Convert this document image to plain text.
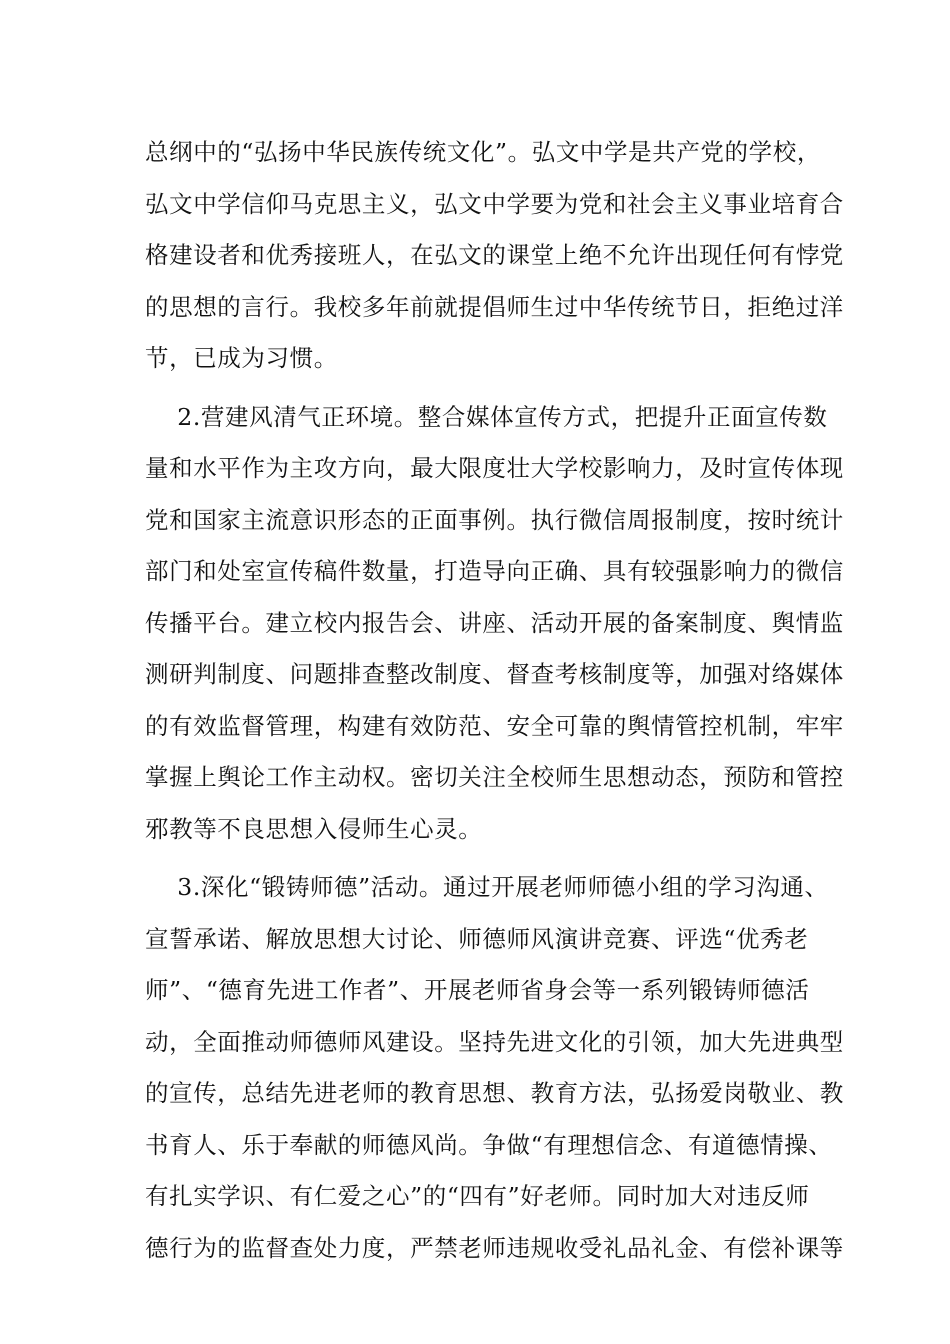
总纲中的“弘扬中华民族传统文化”。弘文中学是共产党的学校，
弘文中学信仰马克思主义，弘文中学要为党和社会主义事业培育合
格建设者和优秀接班人，在弘文的课堂上绝不允许出现任何有悖党
的思想的言行。我校多年前就提倡师生过中华传统节日，拒绝过洋
节，已成为习惯。
2.营建风清气正环境。整合媒体宣传方式，把提升正面宣传数
量和水平作为主攻方向，最大限度壮大学校影响力，及时宣传体现
党和国家主流意识形态的正面事例。执行微信周报制度，按时统计
部门和处室宣传稿件数量，打造导向正确、具有较强影响力的微信
传播平台。建立校内报告会、讲座、活动开展的备案制度、舆情监
测研判制度、问题排查整改制度、督查考核制度等，加强对络媒体
的有效监督管理，构建有效防范、安全可靠的舆情管控机制，牢牢
掌握上舆论工作主动权。密切关注全校师生思想动态，预防和管控
邪教等不良思想入侵师生心灵。
3.深化“锻铸师德”活动。通过开展老师师德小组的学习沟通、
宣誓承诺、解放思想大讨论、师德师风演讲竞赛、评选“优秀老
师”、“德育先进工作者”、开展老师省身会等一系列锻铸师德活
动，全面推动师德师风建设。坚持先进文化的引领，加大先进典型
的宣传，总结先进老师的教育思想、教育方法，弘扬爱岗敬业、教
书育人、乐于奉献的师德风尚。争做“有理想信念、有道德情操、
有扎实学识、有仁爱之心”的“四有”好老师。同时加大对违反师
德行为的监督查处力度，严禁老师违规收受礼品礼金、有偿补课等
